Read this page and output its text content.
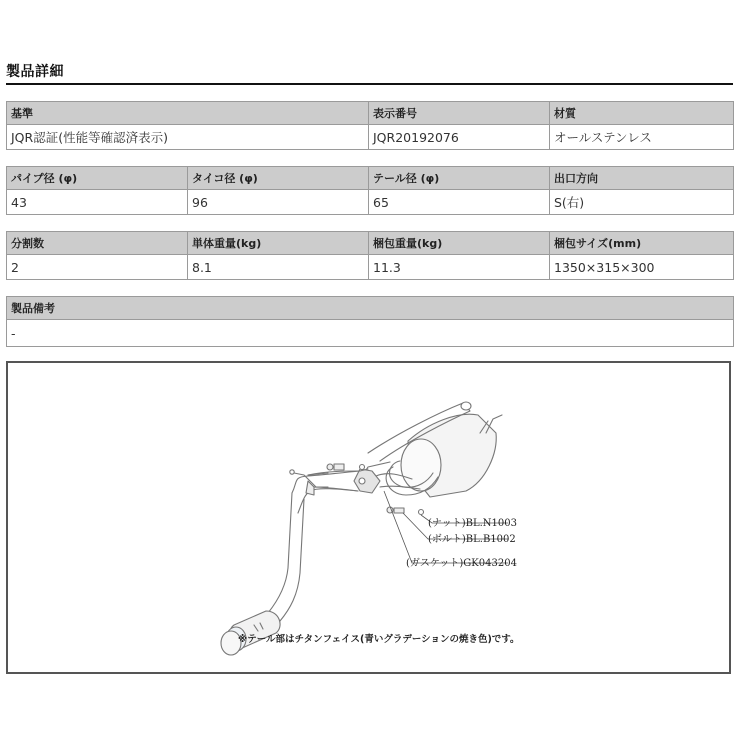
製品詳細
基準	表示番号	材質
JQR認証(性能等確認済表示)	JQR20192076	オールステンレス
パイプ径 (φ)	タイコ径 (φ)	テール径 (φ)	出口方向
43	96	65	S(右)
分割数	単体重量(kg)	梱包重量(kg)	梱包サイズ(mm)
2	8.1	11.3	1350×315×300
製品備考
-
(ナット)BL.N1003
(ボルト)BL.B1002
(ガスケット)GK043204
※テール部はチタンフェイス(青いグラデーションの焼き色)です。
